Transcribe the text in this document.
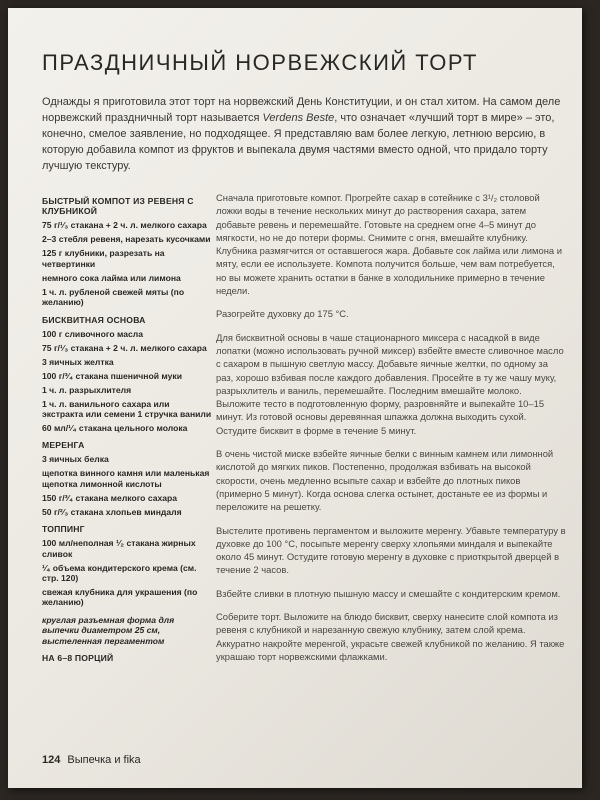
ПРАЗДНИЧНЫЙ НОРВЕЖСКИЙ ТОРТ

Однажды я приготовила этот торт на норвежский День Конституции, и он стал хитом. На самом деле норвежский праздничный торт называется Verdens Beste, что означает «лучший торт в мире» – это, конечно, смелое заявление, но подходящее. Я представляю вам более легкую, летнюю версию, в которую добавила компот из фруктов и выпекала двумя частями вместо одной, что придало торту лучшую текстуру.

БЫСТРЫЙ КОМПОТ ИЗ РЕВЕНЯ С КЛУБНИКОЙ
75 г/¹⁄₃ стакана + 2 ч. л. мелкого сахара
2–3 стебля ревеня, нарезать кусочками
125 г клубники, разрезать на четвертинки
немного сока лайма или лимона
1 ч. л. рубленой свежей мяты (по желанию)
БИСКВИТНАЯ ОСНОВА
100 г сливочного масла
75 г/¹⁄₃ стакана + 2 ч. л. мелкого сахара
3 яичных желтка
100 г/³⁄₄ стакана пшеничной муки
1 ч. л. разрыхлителя
1 ч. л. ванильного сахара или экстракта или семени 1 стручка ванили
60 мл/¹⁄₄ стакана цельного молока
МЕРЕНГА
3 яичных белка
щепотка винного камня или маленькая щепотка лимонной кислоты
150 г/³⁄₄ стакана мелкого сахара
50 г/²⁄₃ стакана хлопьев миндаля
ТОППИНГ
100 мл/неполная ¹⁄₂ стакана жирных сливок
¹⁄₄ объема кондитерского крема (см. стр. 120)
свежая клубника для украшения (по желанию)
круглая разъемная форма для выпечки диаметром 25 см, выстеленная пергаментом
НА 6–8 ПОРЦИЙ

Сначала приготовьте компот. Прогрейте сахар в сотейнике с 3¹/₂ столовой ложки воды в течение нескольких минут до растворения сахара, затем добавьте ревень и перемешайте. Готовьте на среднем огне 4–5 минут до мягкости, но не до потери формы. Снимите с огня, вмешайте клубнику. Клубника размягчится от оставшегося жара. Добавьте сок лайма или лимона и мяту, если ее используете. Компота получится больше, чем вам потребуется, но вы можете хранить остатки в банке в холодильнике примерно в течение недели.

Разогрейте духовку до 175 °C.

Для бисквитной основы в чаше стационарного миксера с насадкой в виде лопатки (можно использовать ручной миксер) взбейте вместе сливочное масло с сахаром в пышную светлую массу. Добавьте яичные желтки, по одному за раз, хорошо взбивая после каждого добавления. Просейте в ту же чашу муку, разрыхлитель и ваниль, перемешайте. Последним вмешайте молоко. Выложите тесто в подготовленную форму, разровняйте и выпекайте 10–15 минут. Из готовой основы деревянная шпажка должна выходить сухой. Остудите бисквит в форме в течение 5 минут.

В очень чистой миске взбейте яичные белки с винным камнем или лимонной кислотой до мягких пиков. Постепенно, продолжая взбивать на высокой скорости, очень медленно всыпьте сахар и взбейте до плотных пиков (примерно 5 минут). Когда основа слегка остынет, достаньте ее из формы и переложите на решетку.

Выстелите противень пергаментом и выложите меренгу. Убавьте температуру в духовке до 100 °C, посыпьте меренгу сверху хлопьями миндаля и выпекайте около 45 минут. Остудите готовую меренгу в духовке с приоткрытой дверцей в течение 2 часов.

Взбейте сливки в плотную пышную массу и смешайте с кондитерским кремом.

Соберите торт. Выложите на блюдо бисквит, сверху нанесите слой компота из ревеня с клубникой и нарезанную свежую клубнику, затем слой крема. Аккуратно накройте меренгой, украсьте свежей клубникой по желанию. Я также украшаю торт норвежскими флажками.

124 Выпечка и fika
